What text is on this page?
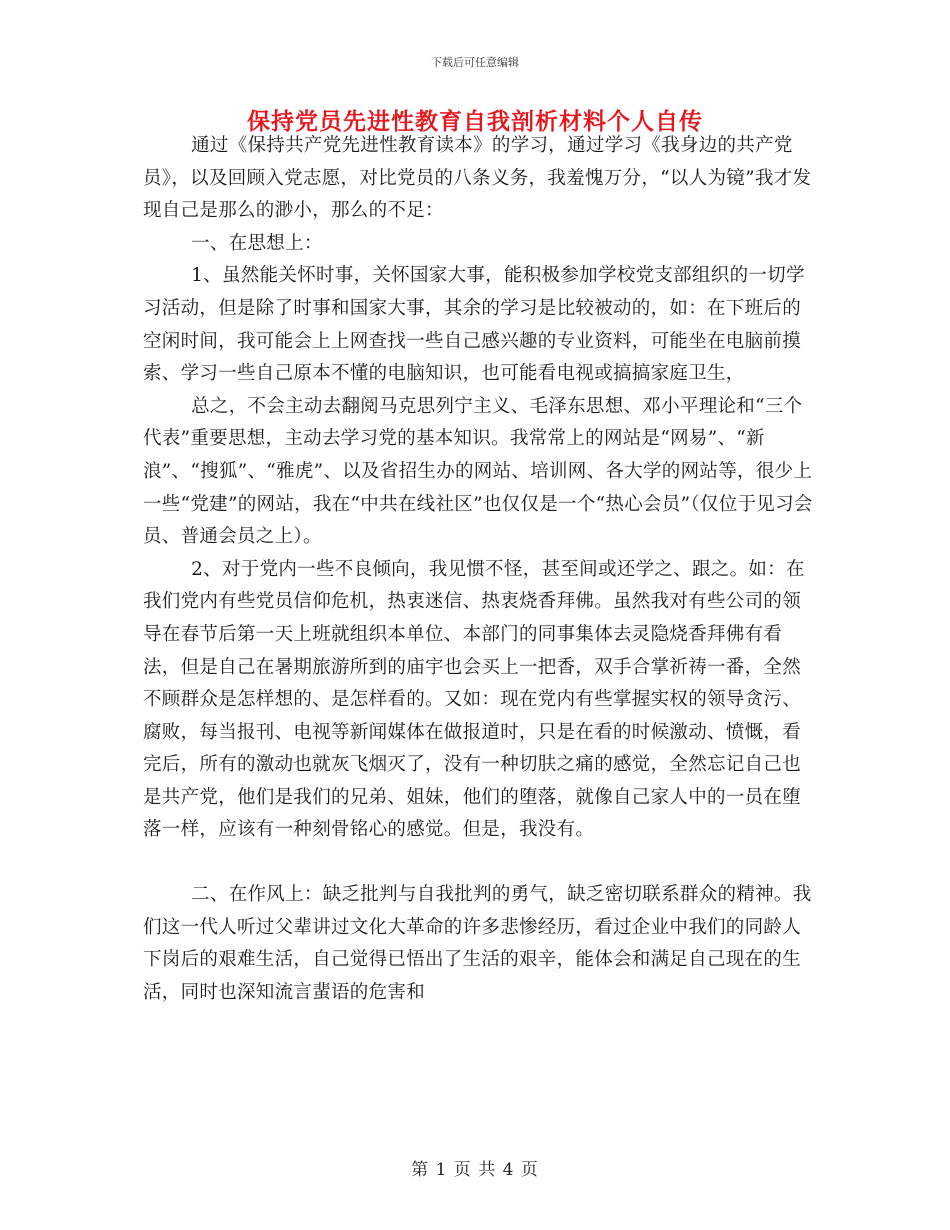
下载后可任意编辑
保持党员先进性教育自我剖析材料个人自传

通过《保持共产党先进性教育读本》的学习，通过学习《我身边的共产党员》，以及回顾入党志愿，对比党员的八条义务，我羞愧万分，“以人为镜”我才发现自己是那么的渺小，那么的不足：

一、在思想上：

1、虽然能关怀时事，关怀国家大事，能积极参加学校党支部组织的一切学习活动，但是除了时事和国家大事，其余的学习是比较被动的，如：在下班后的空闲时间，我可能会上上网查找一些自己感兴趣的专业资料，可能坐在电脑前摸索、学习一些自己原本不懂的电脑知识，也可能看电视或搞搞家庭卫生，

总之，不会主动去翻阅马克思列宁主义、毛泽东思想、邓小平理论和“三个代表”重要思想，主动去学习党的基本知识。我常常上的网站是“网易”、“新浪”、“搜狐”、“雅虎”、以及省招生办的网站、培训网、各大学的网站等，很少上一些“党建”的网站，我在“中共在线社区”也仅仅是一个“热心会员”（仅位于见习会员、普通会员之上）。

2、对于党内一些不良倾向，我见惯不怪，甚至间或还学之、跟之。如：在我们党内有些党员信仰危机，热衷迷信、热衷烧香拜佛。虽然我对有些公司的领导在春节后第一天上班就组织本单位、本部门的同事集体去灵隐烧香拜佛有看法，但是自己在暑期旅游所到的庙宇也会买上一把香，双手合掌祈祷一番，全然不顾群众是怎样想的、是怎样看的。又如：现在党内有些掌握实权的领导贪污、腐败，每当报刊、电视等新闻媒体在做报道时，只是在看的时候激动、愤慨，看完后，所有的激动也就灰飞烟灭了，没有一种切肤之痛的感觉，全然忘记自己也是共产党，他们是我们的兄弟、姐妹，他们的堕落，就像自己家人中的一员在堕落一样，应该有一种刻骨铭心的感觉。但是，我没有。

二、在作风上：缺乏批判与自我批判的勇气，缺乏密切联系群众的精神。我们这一代人听过父辈讲过文化大革命的许多悲惨经历，看过企业中我们的同龄人下岗后的艰难生活，自己觉得已悟出了生活的艰辛，能体会和满足自己现在的生活，同时也深知流言蜚语的危害和

第 1 页 共 4 页
